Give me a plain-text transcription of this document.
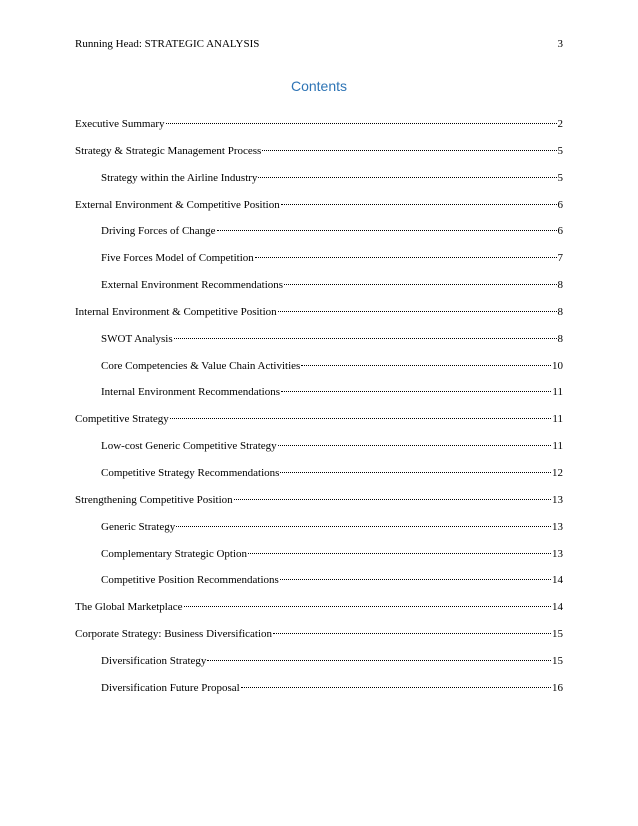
Running Head: STRATEGIC ANALYSIS	3
Contents
Executive Summary	2
Strategy & Strategic Management Process	5
Strategy within the Airline Industry	5
External Environment & Competitive Position	6
Driving Forces of Change	6
Five Forces Model of Competition	7
External Environment Recommendations	8
Internal Environment & Competitive Position	8
SWOT Analysis	8
Core Competencies & Value Chain Activities	10
Internal Environment Recommendations	11
Competitive Strategy	11
Low-cost Generic Competitive Strategy	11
Competitive Strategy Recommendations	12
Strengthening Competitive Position	13
Generic Strategy	13
Complementary Strategic Option	13
Competitive Position Recommendations	14
The Global Marketplace	14
Corporate Strategy: Business Diversification	15
Diversification Strategy	15
Diversification Future Proposal	16
